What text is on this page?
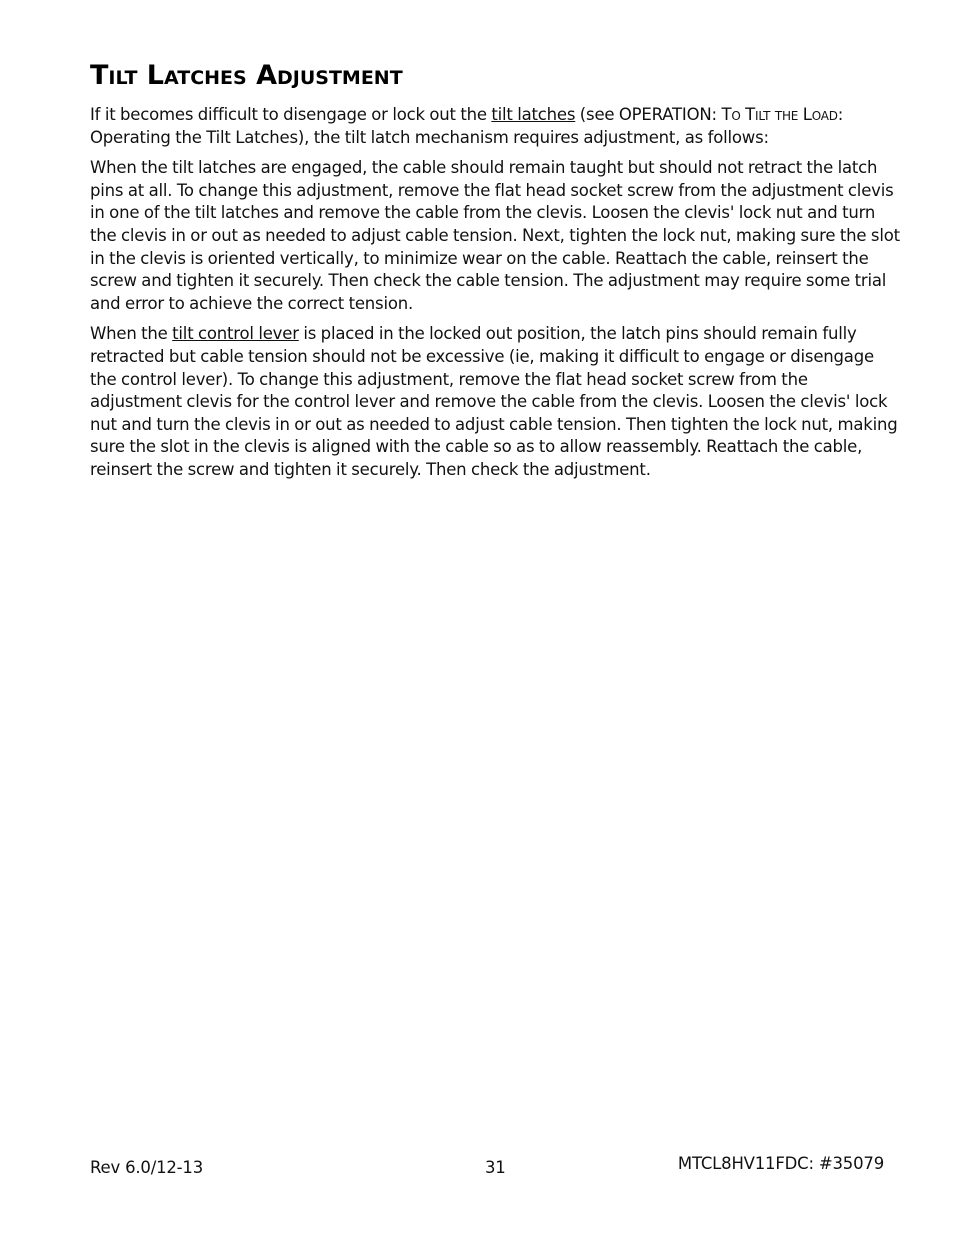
Tilt Latches Adjustment

If it becomes difficult to disengage or lock out the tilt latches (see OPERATION: To Tilt the Load: Operating the Tilt Latches), the tilt latch mechanism requires adjustment, as follows:

When the tilt latches are engaged, the cable should remain taught but should not retract the latch pins at all. To change this adjustment, remove the flat head socket screw from the adjustment clevis in one of the tilt latches and remove the cable from the clevis. Loosen the clevis' lock nut and turn the clevis in or out as needed to adjust cable tension. Next, tighten the lock nut, making sure the slot in the clevis is oriented vertically, to minimize wear on the cable. Reattach the cable, reinsert the screw and tighten it securely. Then check the cable tension. The adjustment may require some trial and error to achieve the correct tension.

When the tilt control lever is placed in the locked out position, the latch pins should remain fully retracted but cable tension should not be excessive (ie, making it difficult to engage or disengage the control lever). To change this adjustment, remove the flat head socket screw from the adjustment clevis for the control lever and remove the cable from the clevis. Loosen the clevis' lock nut and turn the clevis in or out as needed to adjust cable tension. Then tighten the lock nut, making sure the slot in the clevis is aligned with the cable so as to allow reassembly. Reattach the cable, reinsert the screw and tighten it securely. Then check the adjustment.

Rev 6.0/12-13	31	MTCL8HV11FDC: #35079
